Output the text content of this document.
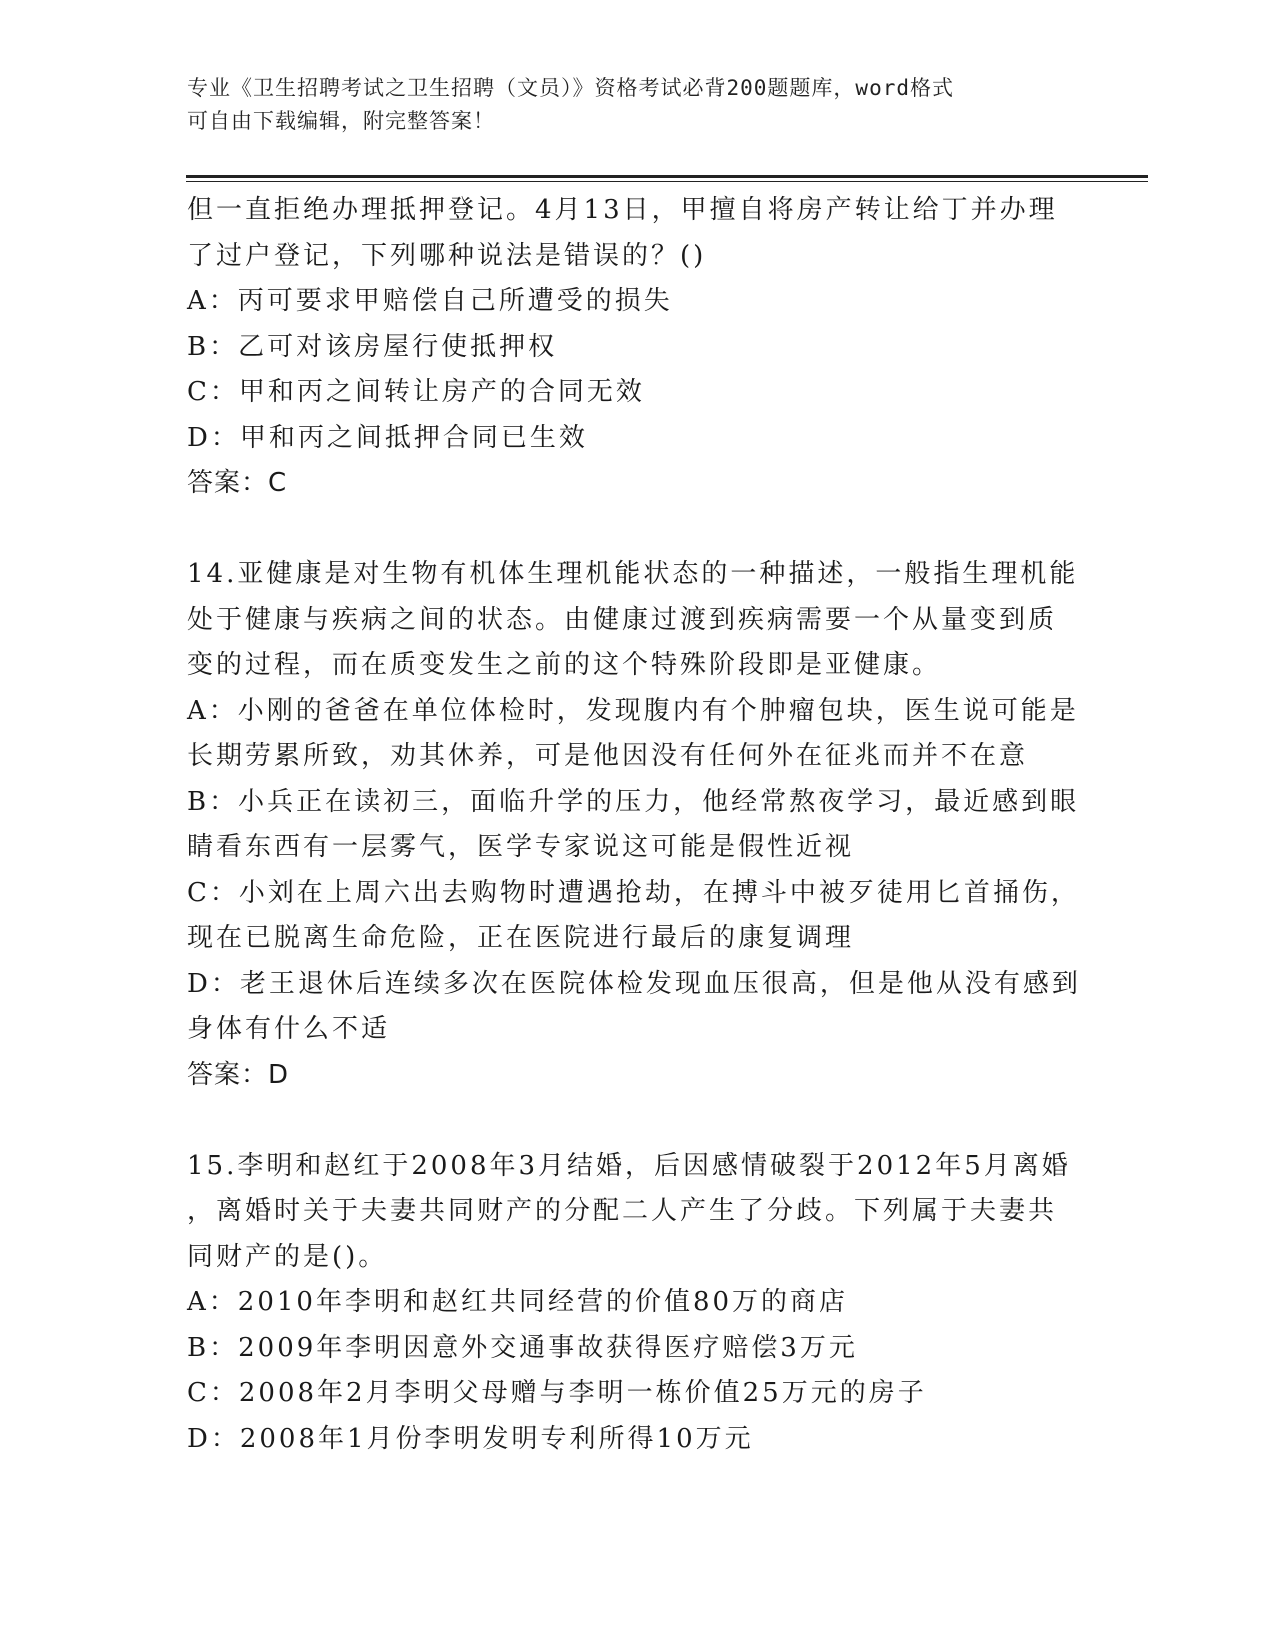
专业《卫生招聘考试之卫生招聘（文员）》资格考试必背200题题库，word格式
可自由下载编辑，附完整答案！
但一直拒绝办理抵押登记。4月13日，甲擅自将房产转让给丁并办理
了过户登记，下列哪种说法是错误的？()
A：丙可要求甲赔偿自己所遭受的损失
B：乙可对该房屋行使抵押权
C：甲和丙之间转让房产的合同无效
D：甲和丙之间抵押合同已生效
答案：C
14.亚健康是对生物有机体生理机能状态的一种描述，一般指生理机能
处于健康与疾病之间的状态。由健康过渡到疾病需要一个从量变到质
变的过程，而在质变发生之前的这个特殊阶段即是亚健康。
A：小刚的爸爸在单位体检时，发现腹内有个肿瘤包块，医生说可能是
长期劳累所致，劝其休养，可是他因没有任何外在征兆而并不在意
B：小兵正在读初三，面临升学的压力，他经常熬夜学习，最近感到眼
睛看东西有一层雾气，医学专家说这可能是假性近视
C：小刘在上周六出去购物时遭遇抢劫，在搏斗中被歹徒用匕首捅伤，
现在已脱离生命危险，正在医院进行最后的康复调理
D：老王退休后连续多次在医院体检发现血压很高，但是他从没有感到
身体有什么不适
答案：D
15.李明和赵红于2008年3月结婚，后因感情破裂于2012年5月离婚
，离婚时关于夫妻共同财产的分配二人产生了分歧。下列属于夫妻共
同财产的是()。
A：2010年李明和赵红共同经营的价值80万的商店
B：2009年李明因意外交通事故获得医疗赔偿3万元
C：2008年2月李明父母赠与李明一栋价值25万元的房子
D：2008年1月份李明发明专利所得10万元
